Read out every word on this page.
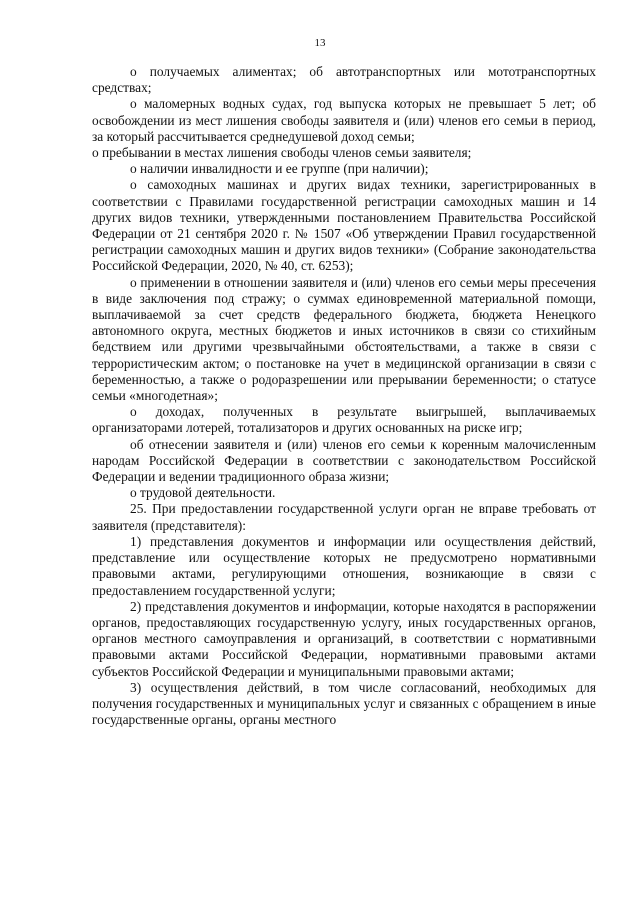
13

о получаемых алиментах; об автотранспортных или мототранспортных средствах;

о маломерных водных судах, год выпуска которых не превышает 5 лет; об освобождении из мест лишения свободы заявителя и (или) членов его семьи в период, за который рассчитывается среднедушевой доход семьи;

о пребывании в местах лишения свободы членов семьи заявителя;

о наличии инвалидности и ее группе (при наличии);

о самоходных машинах и других видах техники, зарегистрированных в соответствии с Правилами государственной регистрации самоходных машин и 14 других видов техники, утвержденными постановлением Правительства Российской Федерации от 21 сентября 2020 г. № 1507 «Об утверждении Правил государственной регистрации самоходных машин и других видов техники» (Собрание законодательства Российской Федерации, 2020, № 40, ст. 6253);

о применении в отношении заявителя и (или) членов его семьи меры пресечения в виде заключения под стражу; о суммах единовременной материальной помощи, выплачиваемой за счет средств федерального бюджета, бюджета Ненецкого автономного округа, местных бюджетов и иных источников в связи со стихийным бедствием или другими чрезвычайными обстоятельствами, а также в связи с террористическим актом; о постановке на учет в медицинской организации в связи с беременностью, а также о родоразрешении или прерывании беременности; о статусе семьи «многодетная»;

о доходах, полученных в результате выигрышей, выплачиваемых организаторами лотерей, тотализаторов и других основанных на риске игр;

об отнесении заявителя и (или) членов его семьи к коренным малочисленным народам Российской Федерации в соответствии с законодательством Российской Федерации и ведении традиционного образа жизни;

о трудовой деятельности.

25. При предоставлении государственной услуги орган не вправе требовать от заявителя (представителя):

1) представления документов и информации или осуществления действий, представление или осуществление которых не предусмотрено нормативными правовыми актами, регулирующими отношения, возникающие в связи с предоставлением государственной услуги;

2) представления документов и информации, которые находятся в распоряжении органов, предоставляющих государственную услугу, иных государственных органов, органов местного самоуправления и организаций, в соответствии с нормативными правовыми актами Российской Федерации, нормативными правовыми актами субъектов Российской Федерации и муниципальными правовыми актами;

3) осуществления действий, в том числе согласований, необходимых для получения государственных и муниципальных услуг и связанных с обращением в иные государственные органы, органы местного
